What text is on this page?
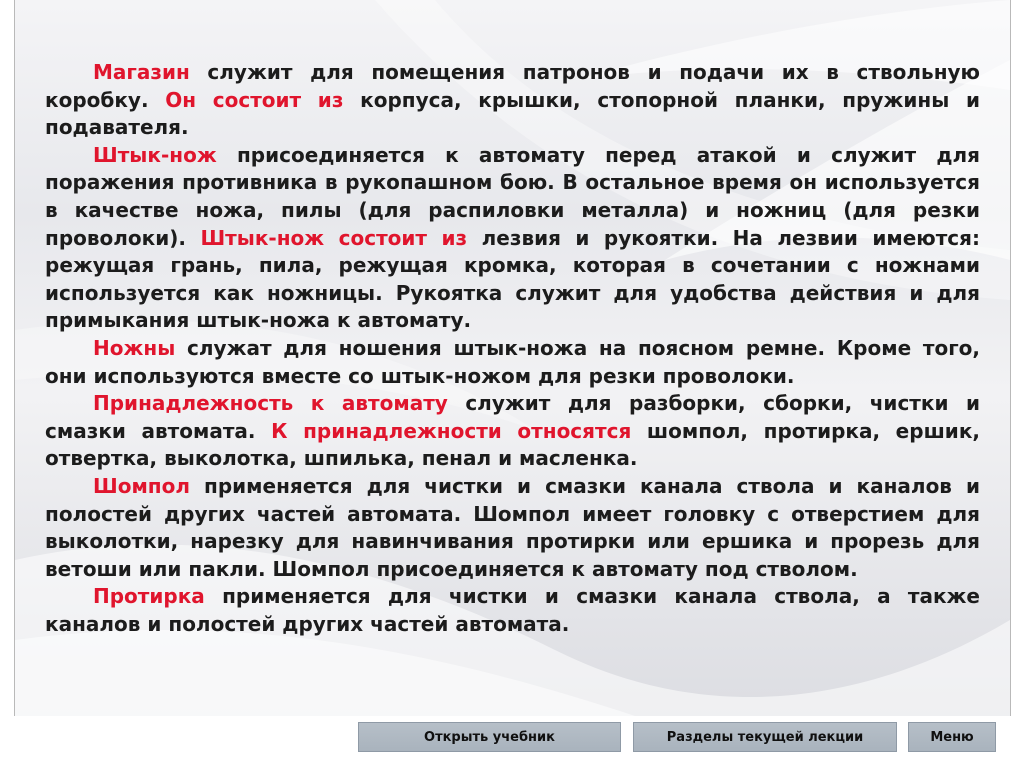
Магазин служит для помещения патронов и подачи их в ствольную коробку. Он состоит из корпуса, крышки, стопорной планки, пружины и подавателя.

Штык-нож присоединяется к автомату перед атакой и служит для поражения противника в рукопашном бою. В остальное время он используется в качестве ножа, пилы (для распиловки металла) и ножниц (для резки проволоки). Штык-нож состоит из лезвия и рукоятки. На лезвии имеются: режущая грань, пила, режущая кромка, которая в сочетании с ножнами используется как ножницы. Рукоятка служит для удобства действия и для примыкания штык-ножа к автомату.

Ножны служат для ношения штык-ножа на поясном ремне. Кроме того, они используются вместе со штык-ножом для резки проволоки.

Принадлежность к автомату служит для разборки, сборки, чистки и смазки автомата. К принадлежности относятся шомпол, протирка, ершик, отвертка, выколотка, шпилька, пенал и масленка.

Шомпол применяется для чистки и смазки канала ствола и каналов и полостей других частей автомата. Шомпол имеет головку с отверстием для выколотки, нарезку для навинчивания протирки или ершика и прорезь для ветоши или пакли. Шомпол присоединяется к автомату под стволом.

Протирка применяется для чистки и смазки канала ствола, а также каналов и полостей других частей автомата.

Открыть учебник	Разделы текущей лекции	Меню
